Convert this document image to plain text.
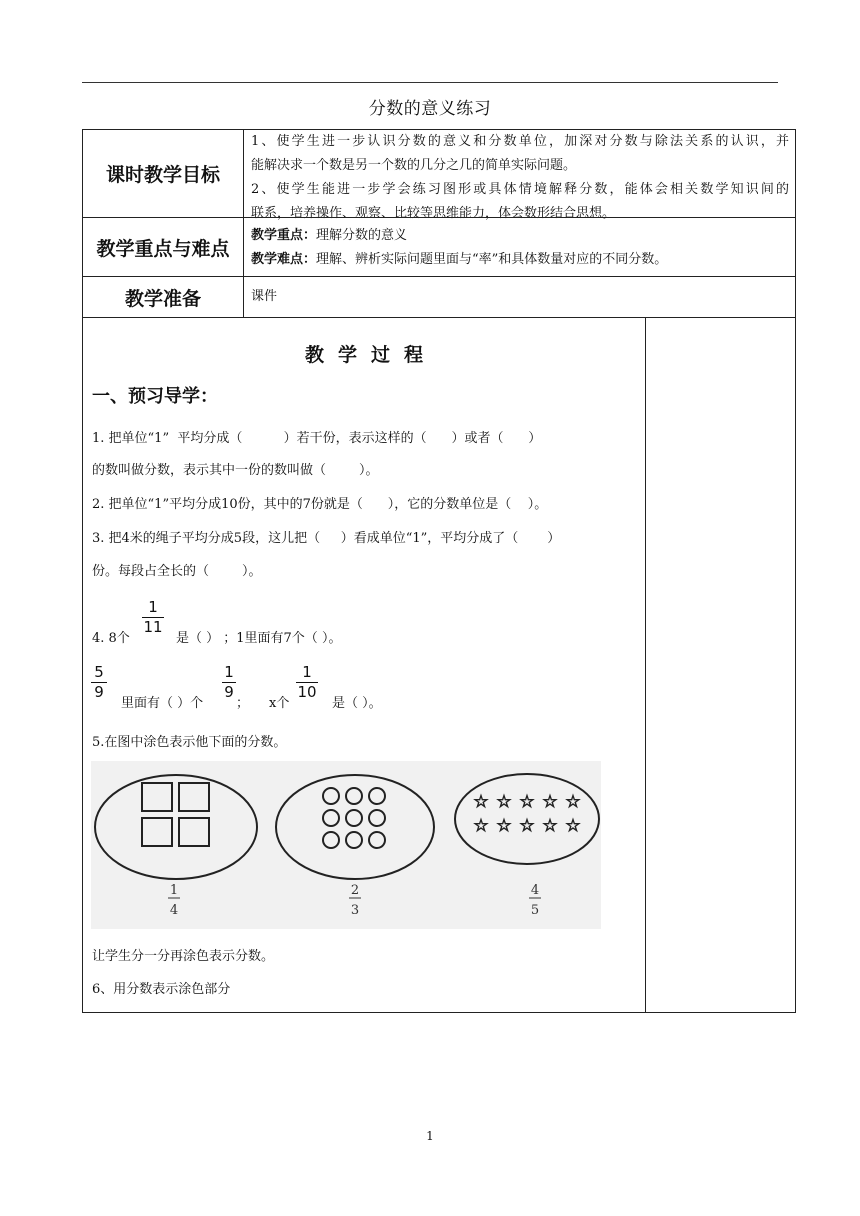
分数的意义练习
课时教学目标
1、使学生进一步认识分数的意义和分数单位，加深对分数与除法关系的认识，并
能解决求一个数是另一个数的几分之几的简单实际问题。
2、使学生能进一步学会练习图形或具体情境解释分数，能体会相关数学知识间的
联系，培养操作、观察、比较等思维能力，体会数形结合思想。
教学重点与难点
教学重点：理解分数的意义
教学难点：理解、辨析实际问题里面与“率”和具体数量对应的不同分数。
教学准备	课件
教学过程
一、预习导学：
1. 把单位“1”  平均分成（          ）若干份，表示这样的（      ）或者（      ）
的数叫做分数，表示其中一份的数叫做（        ）。
2. 把单位“1”平均分成10份，其中的7份就是（      ），它的分数单位是（    ）。
3. 把4米的绳子平均分成5段，这儿把（     ）看成单位“1”，平均分成了（       ）
份。每段占全长的（        ）。
4. 8个
1
11
是（ ） ；1里面有7个（ ）。
5
9
里面有（ ）个
1
9
； x个
1
10
是（ ）。
5.在图中涂色表示他下面的分数。
☆ ☆ ☆ ☆ ☆
☆ ☆ ☆ ☆ ☆
1
4
2
3
4
5
让学生分一分再涂色表示分数。
6、用分数表示涂色部分
1
